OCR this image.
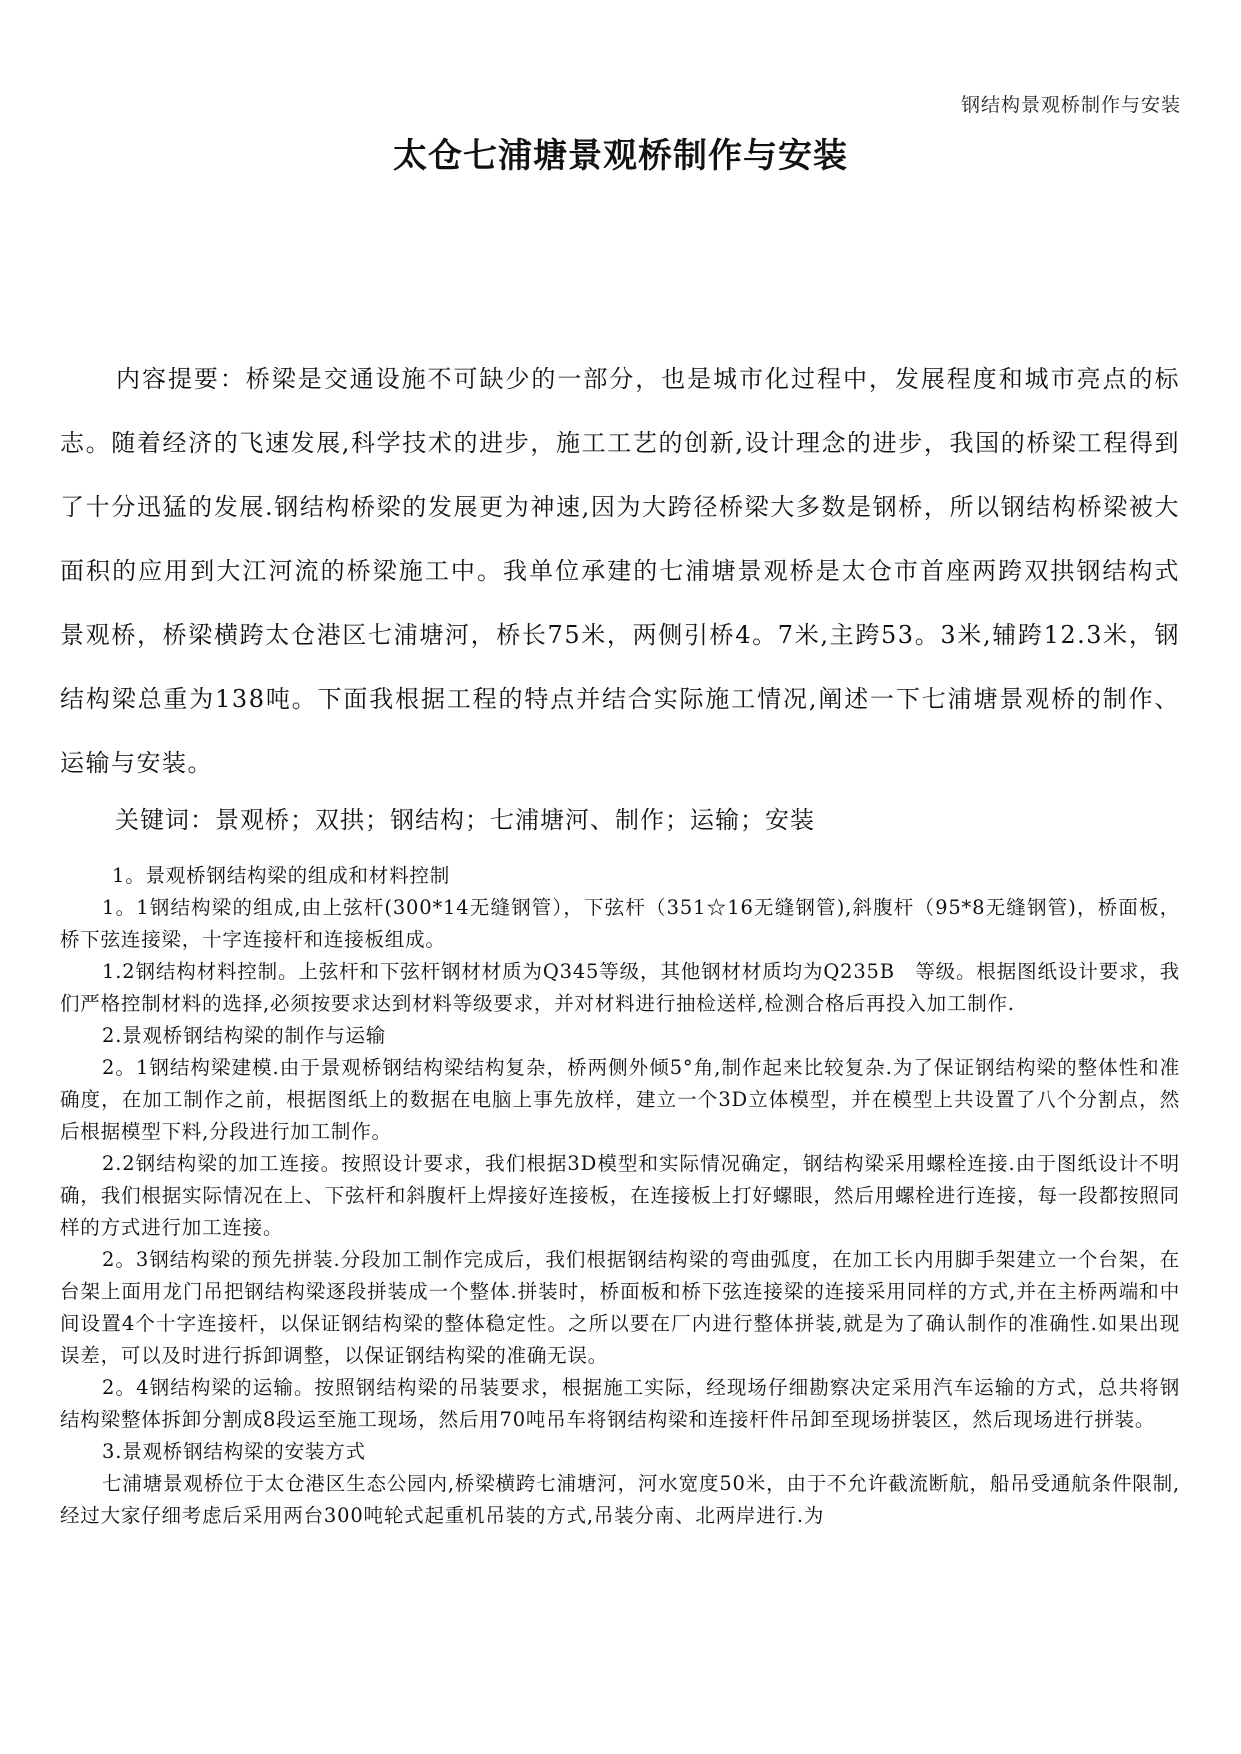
钢结构景观桥制作与安装
太仓七浦塘景观桥制作与安装

内容提要：桥梁是交通设施不可缺少的一部分，也是城市化过程中，发展程度和城市亮点的标志。随着经济的飞速发展,科学技术的进步，施工工艺的创新,设计理念的进步，我国的桥梁工程得到了十分迅猛的发展.钢结构桥梁的发展更为神速,因为大跨径桥梁大多数是钢桥，所以钢结构桥梁被大面积的应用到大江河流的桥梁施工中。我单位承建的七浦塘景观桥是太仓市首座两跨双拱钢结构式景观桥，桥梁横跨太仓港区七浦塘河，桥长75米，两侧引桥4。7米,主跨53。3米,辅跨12.3米，钢结构梁总重为138吨。下面我根据工程的特点并结合实际施工情况,阐述一下七浦塘景观桥的制作、运输与安装。

关键词：景观桥；双拱；钢结构；七浦塘河、制作；运输；安装

1。景观桥钢结构梁的组成和材料控制

1。1钢结构梁的组成,由上弦杆(300*14无缝钢管），下弦杆（351☆16无缝钢管),斜腹杆（95*8无缝钢管)，桥面板，桥下弦连接梁，十字连接杆和连接板组成。

1.2钢结构材料控制。上弦杆和下弦杆钢材材质为Q345等级，其他钢材材质均为Q235B　等级。根据图纸设计要求，我们严格控制材料的选择,必须按要求达到材料等级要求，并对材料进行抽检送样,检测合格后再投入加工制作.

2.景观桥钢结构梁的制作与运输

2。1钢结构梁建模.由于景观桥钢结构梁结构复杂，桥两侧外倾5°角,制作起来比较复杂.为了保证钢结构梁的整体性和准确度，在加工制作之前，根据图纸上的数据在电脑上事先放样，建立一个3D立体模型，并在模型上共设置了八个分割点，然后根据模型下料,分段进行加工制作。

2.2钢结构梁的加工连接。按照设计要求，我们根据3D模型和实际情况确定，钢结构梁采用螺栓连接.由于图纸设计不明确，我们根据实际情况在上、下弦杆和斜腹杆上焊接好连接板，在连接板上打好螺眼，然后用螺栓进行连接，每一段都按照同样的方式进行加工连接。

2。3钢结构梁的预先拼装.分段加工制作完成后，我们根据钢结构梁的弯曲弧度，在加工长内用脚手架建立一个台架，在台架上面用龙门吊把钢结构梁逐段拼装成一个整体.拼装时，桥面板和桥下弦连接梁的连接采用同样的方式,并在主桥两端和中间设置4个十字连接杆，以保证钢结构梁的整体稳定性。之所以要在厂内进行整体拼装,就是为了确认制作的准确性.如果出现误差，可以及时进行拆卸调整，以保证钢结构梁的准确无误。

2。4钢结构梁的运输。按照钢结构梁的吊装要求，根据施工实际，经现场仔细勘察决定采用汽车运输的方式，总共将钢结构梁整体拆卸分割成8段运至施工现场，然后用70吨吊车将钢结构梁和连接杆件吊卸至现场拼装区，然后现场进行拼装。

3.景观桥钢结构梁的安装方式

七浦塘景观桥位于太仓港区生态公园内,桥梁横跨七浦塘河，河水宽度50米，由于不允许截流断航，船吊受通航条件限制,经过大家仔细考虑后采用两台300吨轮式起重机吊装的方式,吊装分南、北两岸进行.为
